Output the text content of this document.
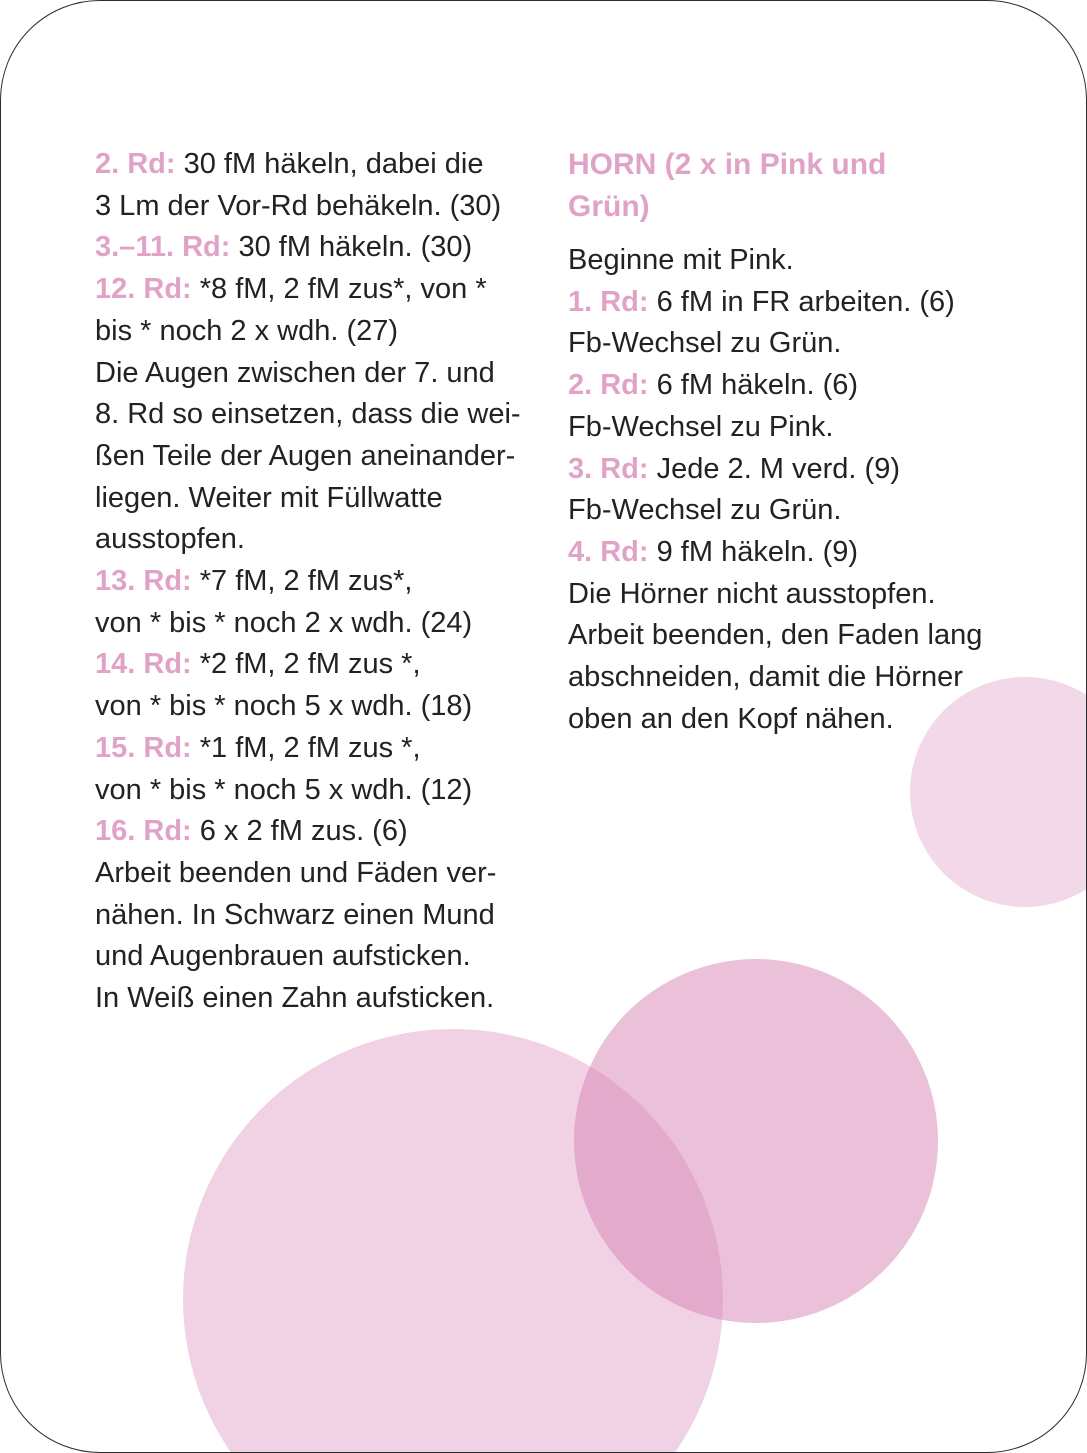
2. Rd: 30 fM häkeln, dabei die
3 Lm der Vor-Rd behäkeln. (30)
3.–11. Rd: 30 fM häkeln. (30)
12. Rd: *8 fM, 2 fM zus*, von *
bis * noch 2 x wdh. (27)
Die Augen zwischen der 7. und
8. Rd so einsetzen, dass die wei-
ßen Teile der Augen aneinander-
liegen. Weiter mit Füllwatte
ausstopfen.
13. Rd: *7 fM, 2 fM zus*,
von * bis * noch 2 x wdh. (24)
14. Rd: *2 fM, 2 fM zus *,
von * bis * noch 5 x wdh. (18)
15. Rd: *1 fM, 2 fM zus *,
von * bis * noch 5 x wdh. (12)
16. Rd: 6 x 2 fM zus. (6)
Arbeit beenden und Fäden ver-
nähen. In Schwarz einen Mund
und Augenbrauen aufsticken.
In Weiß einen Zahn aufsticken.
HORN (2 x in Pink und
Grün)
Beginne mit Pink.
1. Rd: 6 fM in FR arbeiten. (6)
Fb-Wechsel zu Grün.
2. Rd: 6 fM häkeln. (6)
Fb-Wechsel zu Pink.
3. Rd: Jede 2. M verd. (9)
Fb-Wechsel zu Grün.
4. Rd: 9 fM häkeln. (9)
Die Hörner nicht ausstopfen.
Arbeit beenden, den Faden lang
abschneiden, damit die Hörner
oben an den Kopf nähen.
